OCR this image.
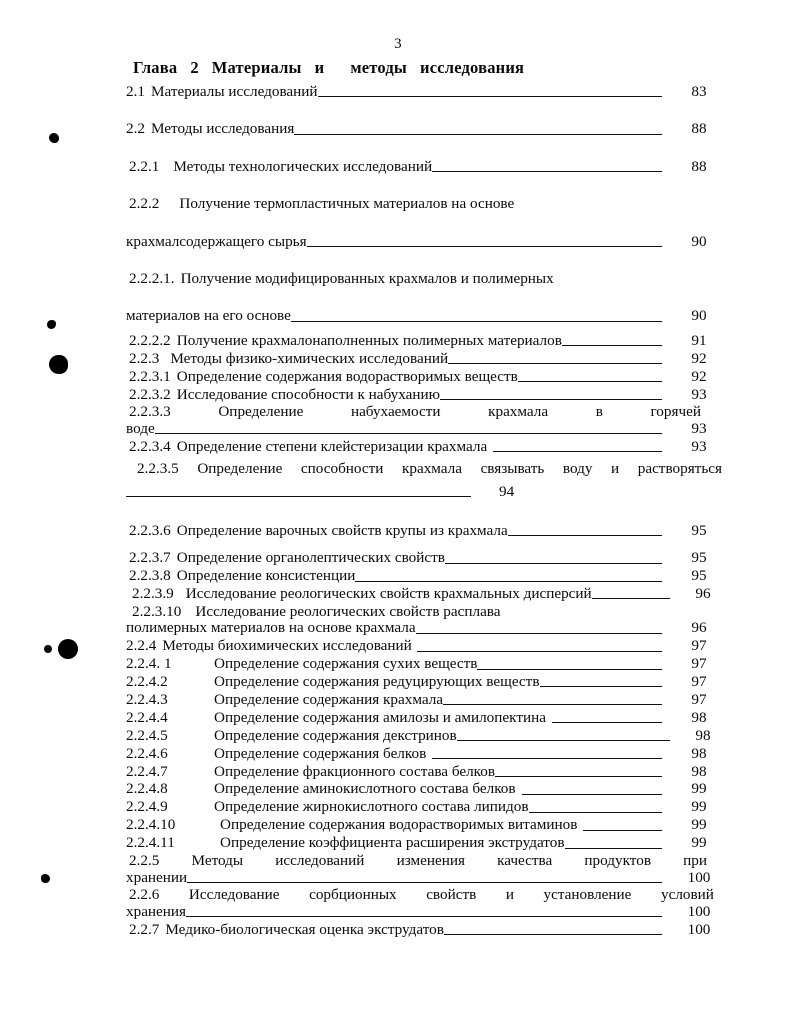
3
Глава 2 Материалы и методы исследования
2.1 Материалы исследований	83
2.2 Методы исследования	88
2.2.1 Методы технологических исследований	88
2.2.2	Получение термопластичных материалов на основе
крахмалсодержащего сырья	90
2.2.2.1. Получение модифицированных крахмалов и полимерных
материалов на его основе	90
2.2.2.2 Получение крахмалонаполненных полимерных материалов	91
2.2.3 Методы физико-химических исследований	92
2.2.3.1 Определение содержания водорастворимых веществ	92
2.2.3.2 Исследование способности к набуханию	93
2.2.3.3	Определение	набухаемости	крахмала	в	горячей
воде	93
2.2.3.4 Определение степени клейстеризации крахмала	93
2.2.3.5 Определение способности крахмала связывать воду и растворяться
94
2.2.3.6 Определение варочных свойств крупы из крахмала	95
2.2.3.7 Определение органолептических свойств	95
2.2.3.8 Определение консистенции	95
2.2.3.9 Исследование реологических свойств крахмальных дисперсий	96
2.2.3.10 Исследование реологических свойств расплава
полимерных материалов на основе крахмала	96
2.2.4 Методы биохимических исследований	97
2.2.4. 1	Определение содержания сухих веществ	97
2.2.4.2	Определение содержания редуцирующих веществ	97
2.2.4.3	Определение содержания крахмала	97
2.2.4.4	Определение содержания амилозы и амилопектина	98
2.2.4.5	Определение содержания декстринов	98
2.2.4.6	Определение содержания белков	98
2.2.4.7	Определение фракционного состава белков	98
2.2.4.8	Определение аминокислотного состава белков	99
2.2.4.9	Определение жирнокислотного состава липидов	99
2.2.4.10	Определение содержания водорастворимых витаминов	99
2.2.4.11	Определение коэффициента расширения экструдатов	99
2.2.5 Методы исследований изменения качества продуктов при
хранении	100
2.2.6 Исследование сорбционных свойств и установление условий
хранения	100
2.2.7 Медико-биологическая оценка экструдатов	100
